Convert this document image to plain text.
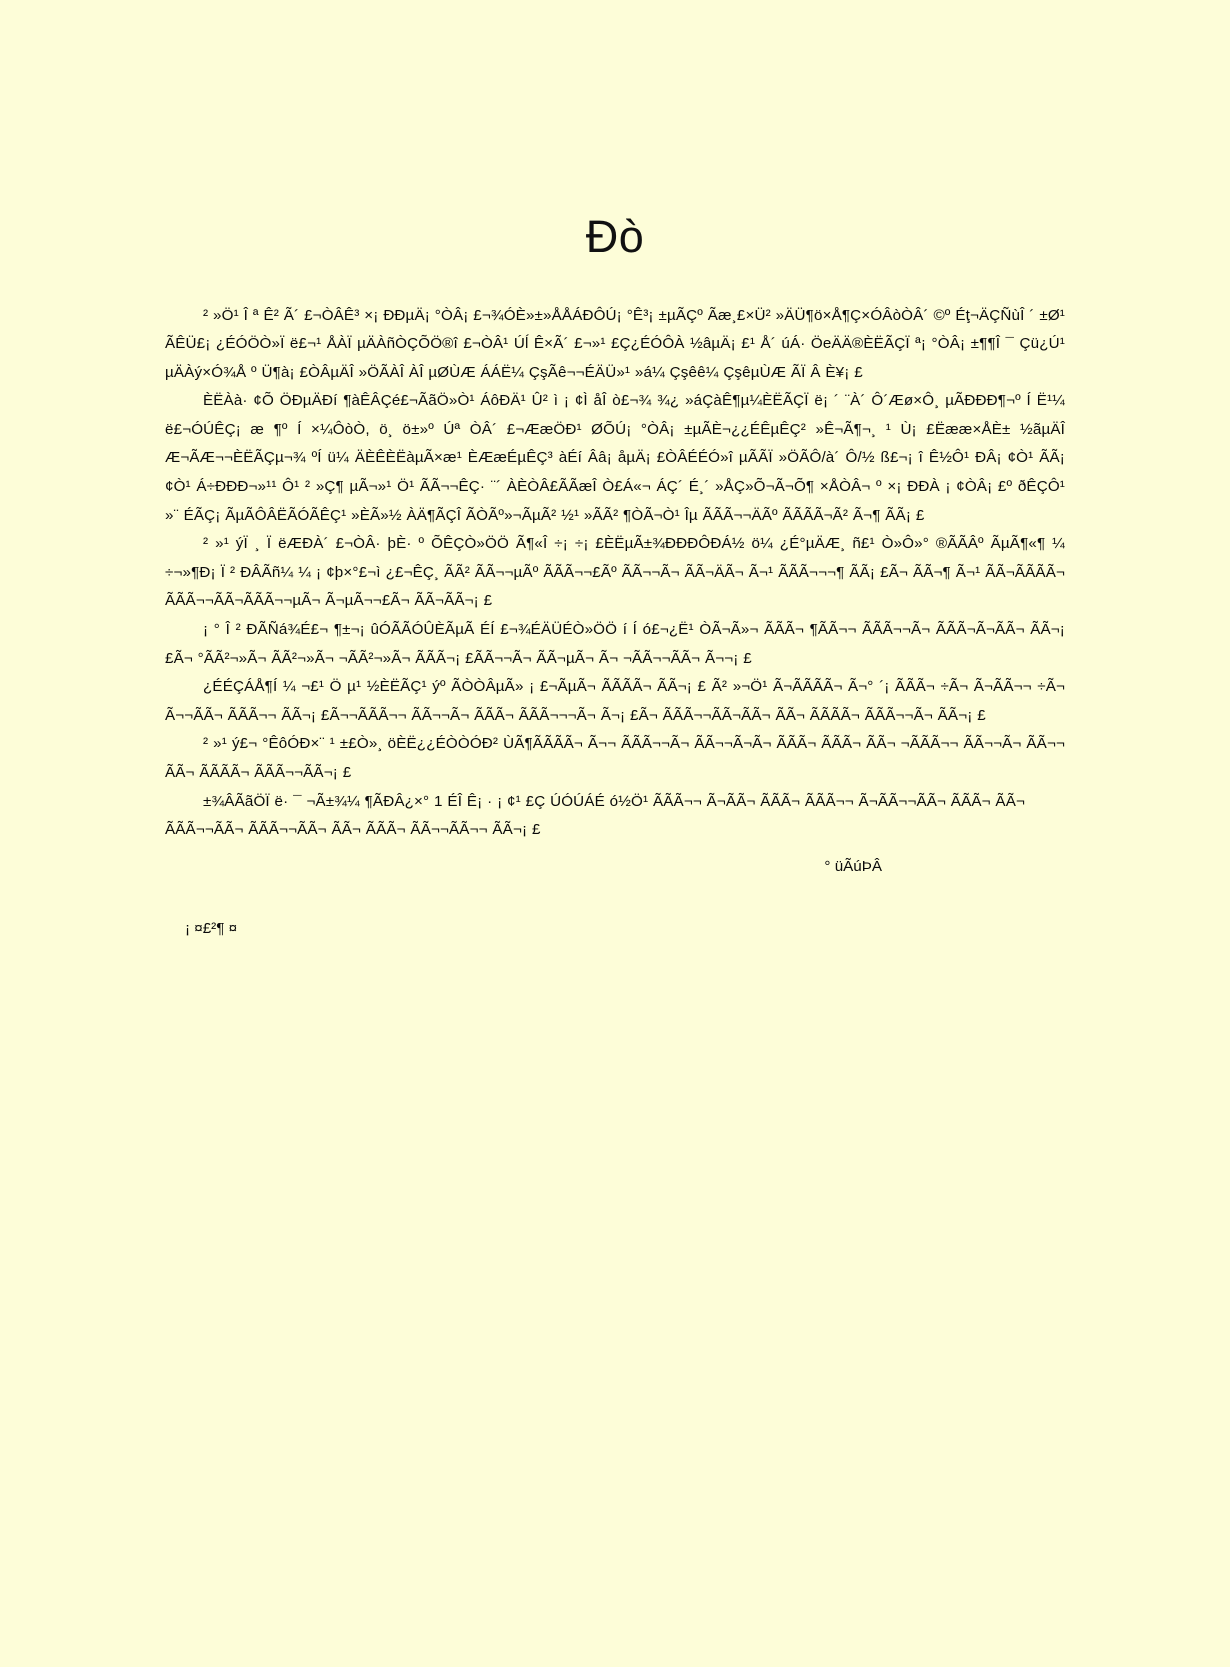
Đò

² »Ö¹ Î ª Ê² Ã´ £¬ÒÂÊ³ ×¡ ÐÐµÄ¡ °ÒÂ¡ £¬¾ÓÈ»±»ÅÅÁÐÔÚ¡ °Ê³¡ ±µÃÇº Ãæ¸£×Ü² »ÄÜ¶ö×Å¶Ç×ÓÂòÒÂ´ ©º Éţ¬ÄÇÑùÎ ´ ±Ø¹ ÃÊÜ£¡ ¿ÉÓÖÒ»Ï ë£¬¹ ÅÀÏ µÄÀñÒÇÕÖ®î £¬ÒÂ¹ Úĺ Ê×Ã´ £¬»¹ £Ç¿ÉÓÔÀ ½âµÄ¡ £¹ Å´ úÁ· ÖеÄÄ®ÈËÃÇÏ ª¡ °ÒÂ¡ ±¶¶Î ¯ Çü¿Ú¹ µÄÀý×Ó¾Å º Ü¶à¡ £ÒÂµÄÎ »ÖÃÀÎ ÀÎ µØÙÆ ÁÁË¼ ÇşÃê¬¬ÉÄÜ»¹ »á¼ Çşêê¼ ÇşêµÙÆ ÃÏ Â È¥¡ £

ÈËÀà· ¢Õ ÖÐµÄÐí ¶àÊÂÇé£¬ÃãÖ»Ò¹ ÁôÐÄ¹ Û² ì ¡ ¢Ì åÎ ò£¬¾ ¾¿ »áÇàÊ¶µ¼ÈËÃÇÏ ë¡ ´ ¨À´ Ô´Æø×Ô¸ µÃÐÐÐ¶¬º Í Ë¹¼ ë£¬ÓÚÊÇ¡ æ ¶º Í ×¼ÔòÒ, ö¸ ö±»º Úª ÒÂ´ £¬ÆæÖÐ¹ ØÕÚ¡ °ÒÂ¡ ±µÃÈ¬¿¿ÉÊµÊÇ² »Ê¬Ã¶¬¸ ¹ Ù¡ £Ëææ×ÅÈ± ½ãµÄÎ Æ¬ÃÆ¬¬ÈËÃÇµ¬¾ ºÍ ü¼ ÄÈÊÈËàµÃ×æ¹ ÈÆæÉµÊÇ³ àÉí Ââ¡ åµÄ¡ £ÒÂÉÉÓ»î µÃÃÏ »ÖÃÔ/à´ Ô/½ ß£¬¡ î Ê½Ô¹ ÐÂ¡ ¢Ò¹ ÃÃ¡ ¢Ò¹ Á÷ÐÐÐ¬»¹¹ Ô¹ ² »Ç¶ µÃ¬»¹ Ö¹ ÃÃ¬¬ÊÇ· ¨´ ÀÈÒÂ£ÃÃæÎ Ò£Á«¬ ÁÇ´ É¸´ »ÅÇ»Õ¬Ã¬Õ¶ ×ÅÒÂ¬ º ×¡ ÐÐÀ ¡ ¢ÒÂ¡ £º ðÊÇÔ¹ »¨ ÉÃÇ¡ ÃµÃÔÂËÃÓÃÊÇ¹ »ÈÃ»½ ÀÄ¶ÃÇÎ ÃÒÃº»¬ÃµÃ² ½¹ »ÃÃ² ¶ÒÃ¬Ò¹ Îµ ÃÃÃ¬¬ÄÃº ÃÃÃÃ¬Ã² Ã¬¶ ÃÃ¡ £

² »¹ ýÏ ¸ Ï ëÆÐÀ´ £¬ÒÂ· þÈ· º ÕÊÇÒ»ÖÖ Ã¶«Î ÷¡ ÷¡ £ÈËµÃ±¾ÐÐÐÔÐÁ½ ö¼ ¿É°µÄÆ¸ ñ£¹ Ò»Ô»° ®ÃÃÂº ÃµÃ¶«¶ ¼ ÷¬»¶Ð¡ Ï ² ÐÂÃñ¼ ¼ ¡ ¢þ×°£¬ì ¿£¬ÊÇ¸ ÃÃ² ÃÃ¬¬µÃº ÃÃÃ¬¬£Ãº ÃÃ¬¬Ã¬ ÃÃ¬ÄÃ¬ Ã¬¹ ÃÃÃ¬¬¬¶ ÃÃ¡ £Ã¬ ÃÃ¬¶ Ã¬¹ ÃÃ¬ÃÃÃÃ¬ ÃÃÃ¬¬ÃÃ¬ÃÃÃ¬¬µÃ¬ Ã¬µÃ¬¬£Ã¬ ÃÃ¬ÃÃ¬¡ £

¡ ° Î ² ÐÃÑá¾É£¬ ¶±¬¡ ûÓÃÃÓÛÈÃµÃ ÉÍ £¬¾ÉÄÜÉÒ»ÖÖ í Í ó£¬¿Ë¹ ÒÃ¬Ã»¬ ÃÃÃ¬ ¶ÃÃ¬¬ ÃÃÃ¬¬Ã¬ ÃÃÃ¬Ã¬ÃÃ¬ ÃÃ¬¡ £Ã¬ °ÃÃ²¬»Ã¬ ÃÃ²¬»Ã¬ ¬ÃÃ²¬»Ã¬ ÃÃÃ¬¡ £ÃÃ¬¬Ã¬ ÃÃ¬µÃ¬ Ã¬ ¬ÃÃ¬¬ÃÃ¬ Ã¬¬¡ £

¿ÉÉÇÁÅ¶Í ¼ ¬£¹ Ö µ¹ ½ÈËÃÇ¹ ýº ÃÒÒÂµÃ» ¡ £¬ÃµÃ¬ ÃÃÃÃ¬ ÃÃ¬¡ £ Ã² »¬Ö¹ Ã¬ÃÃÃÃ¬ Ã¬° ´¡ ÃÃÃ¬ ÷Ã¬ Ã¬ÃÃ¬¬ ÷Ã¬ Ã¬¬ÃÃ¬ ÃÃÃ¬¬ ÃÃ¬¡ £Ã¬¬ÃÃÃ¬¬ ÃÃ¬¬Ã¬ ÃÃÃ¬ ÃÃÃ¬¬¬Ã¬ Ã¬¡ £Ã¬ ÃÃÃ¬¬ÃÃ¬ÃÃ¬ ÃÃ¬ ÃÃÃÃ¬ ÃÃÃ¬¬Ã¬ ÃÃ¬¡ £

² »¹ ý£¬ °ÊôÓÐ×¨ ¹ ±£Ò»¸ öÈË¿¿ÉÒÒÓÐ² ÙÃ¶ÃÃÃÃ¬ Ã¬¬ ÃÃÃ¬¬Ã¬ ÃÃ¬¬Ã¬Ã¬ ÃÃÃ¬ ÃÃÃ¬ ÃÃ¬ ¬ÃÃÃ¬¬ ÃÃ¬¬Ã¬ ÃÃ¬¬ ÃÃ¬ ÃÃÃÃ¬ ÃÃÃ¬¬ÃÃ¬¡ £

±¾ÂÃãÖÏ ë· ¯ ¬Ã±¾¼ ¶ÃÐÂ¿×° 1 ÉÎ Ê¡ · ¡ ¢¹ £Ç ÚÓÚÁÉ ó½Ö¹ ÃÃÃ¬¬ Ã¬ÃÃ¬ ÃÃÃ¬ ÃÃÃ¬¬ Ã¬ÃÃ¬¬ÃÃ¬ ÃÃÃ¬ ÃÃ¬ ÃÃÃ¬¬ÃÃ¬ ÃÃÃ¬¬ÃÃ¬ ÃÃ¬ ÃÃÃ¬ ÃÃ¬¬ÃÃ¬¬ ÃÃ¬¡ £

° üÃúÞÂ
¡ ¤£²¶ ¤
